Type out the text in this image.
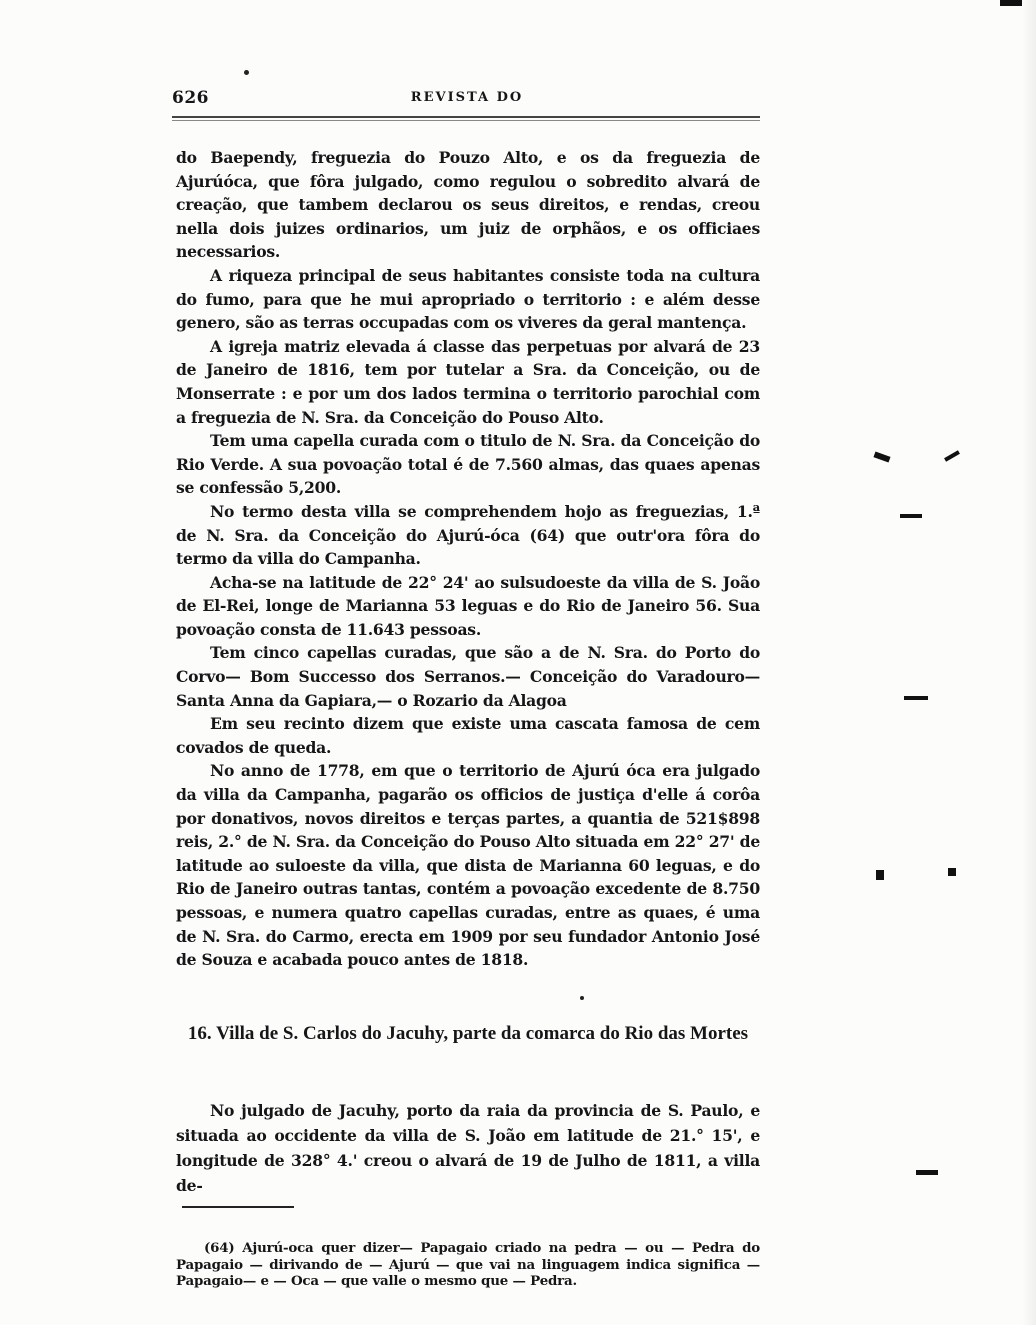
626	REVISTA DO

do Baependy, freguezia do Pouzo Alto, e os da freguezia de Ajurúóca, que fôra julgado, como regulou o sobredito alvará de creação, que tambem declarou os seus direitos, e rendas, creou nella dois juizes ordinarios, um juiz de orphãos, e os officiaes necessarios.

A riqueza principal de seus habitantes consiste toda na cultura do fumo, para que he mui apropriado o territorio : e além desse genero, são as terras occupadas com os viveres da geral mantença.

A igreja matriz elevada á classe das perpetuas por alvará de 23 de Janeiro de 1816, tem por tutelar a Sra. da Conceição, ou de Monserrate : e por um dos lados termina o territorio parochial com a freguezia de N. Sra. da Conceição do Pouso Alto.

Tem uma capella curada com o titulo de N. Sra. da Conceição do Rio Verde. A sua povoação total é de 7.560 almas, das quaes apenas se confessão 5,200.

No termo desta villa se comprehendem hojo as freguezias, 1.ª de N. Sra. da Conceição do Ajurú-óca (64) que outr'ora fôra do termo da villa do Campanha.

Acha-se na latitude de 22° 24' ao sulsudoeste da villa de S. João de El-Rei, longe de Marianna 53 leguas e do Rio de Janeiro 56. Sua povoação consta de 11.643 pessoas.

Tem cinco capellas curadas, que são a de N. Sra. do Porto do Corvo— Bom Successo dos Serranos.— Conceição do Varadouro— Santa Anna da Gapiara,— o Rozario da Alagoa

Em seu recinto dizem que existe uma cascata famosa de cem covados de queda.

No anno de 1778, em que o territorio de Ajurú óca era julgado da villa da Campanha, pagarão os officios de justiça d'elle á corôa por donativos, novos direitos e terças partes, a quantia de 521$898 reis, 2.° de N. Sra. da Conceição do Pouso Alto situada em 22° 27' de latitude ao suloeste da villa, que dista de Marianna 60 leguas, e do Rio de Janeiro outras tantas, contém a povoação excedente de 8.750 pessoas, e numera quatro capellas curadas, entre as quaes, é uma de N. Sra. do Carmo, erecta em 1909 por seu fundador Antonio José de Souza e acabada pouco antes de 1818.

16. Villa de S. Carlos do Jacuhy, parte da comarca do Rio das Mortes

No julgado de Jacuhy, porto da raia da provincia de S. Paulo, e situada ao occidente da villa de S. João em latitude de 21.° 15', e longitude de 328° 4.' creou o alvará de 19 de Julho de 1811, a villa de-

(64) Ajurú-oca quer dizer— Papagaio criado na pedra — ou — Pedra do Papagaio — dirivando de — Ajurú — que vai na linguagem indica significa — Papagaio— e — Oca — que valle o mesmo que — Pedra.
